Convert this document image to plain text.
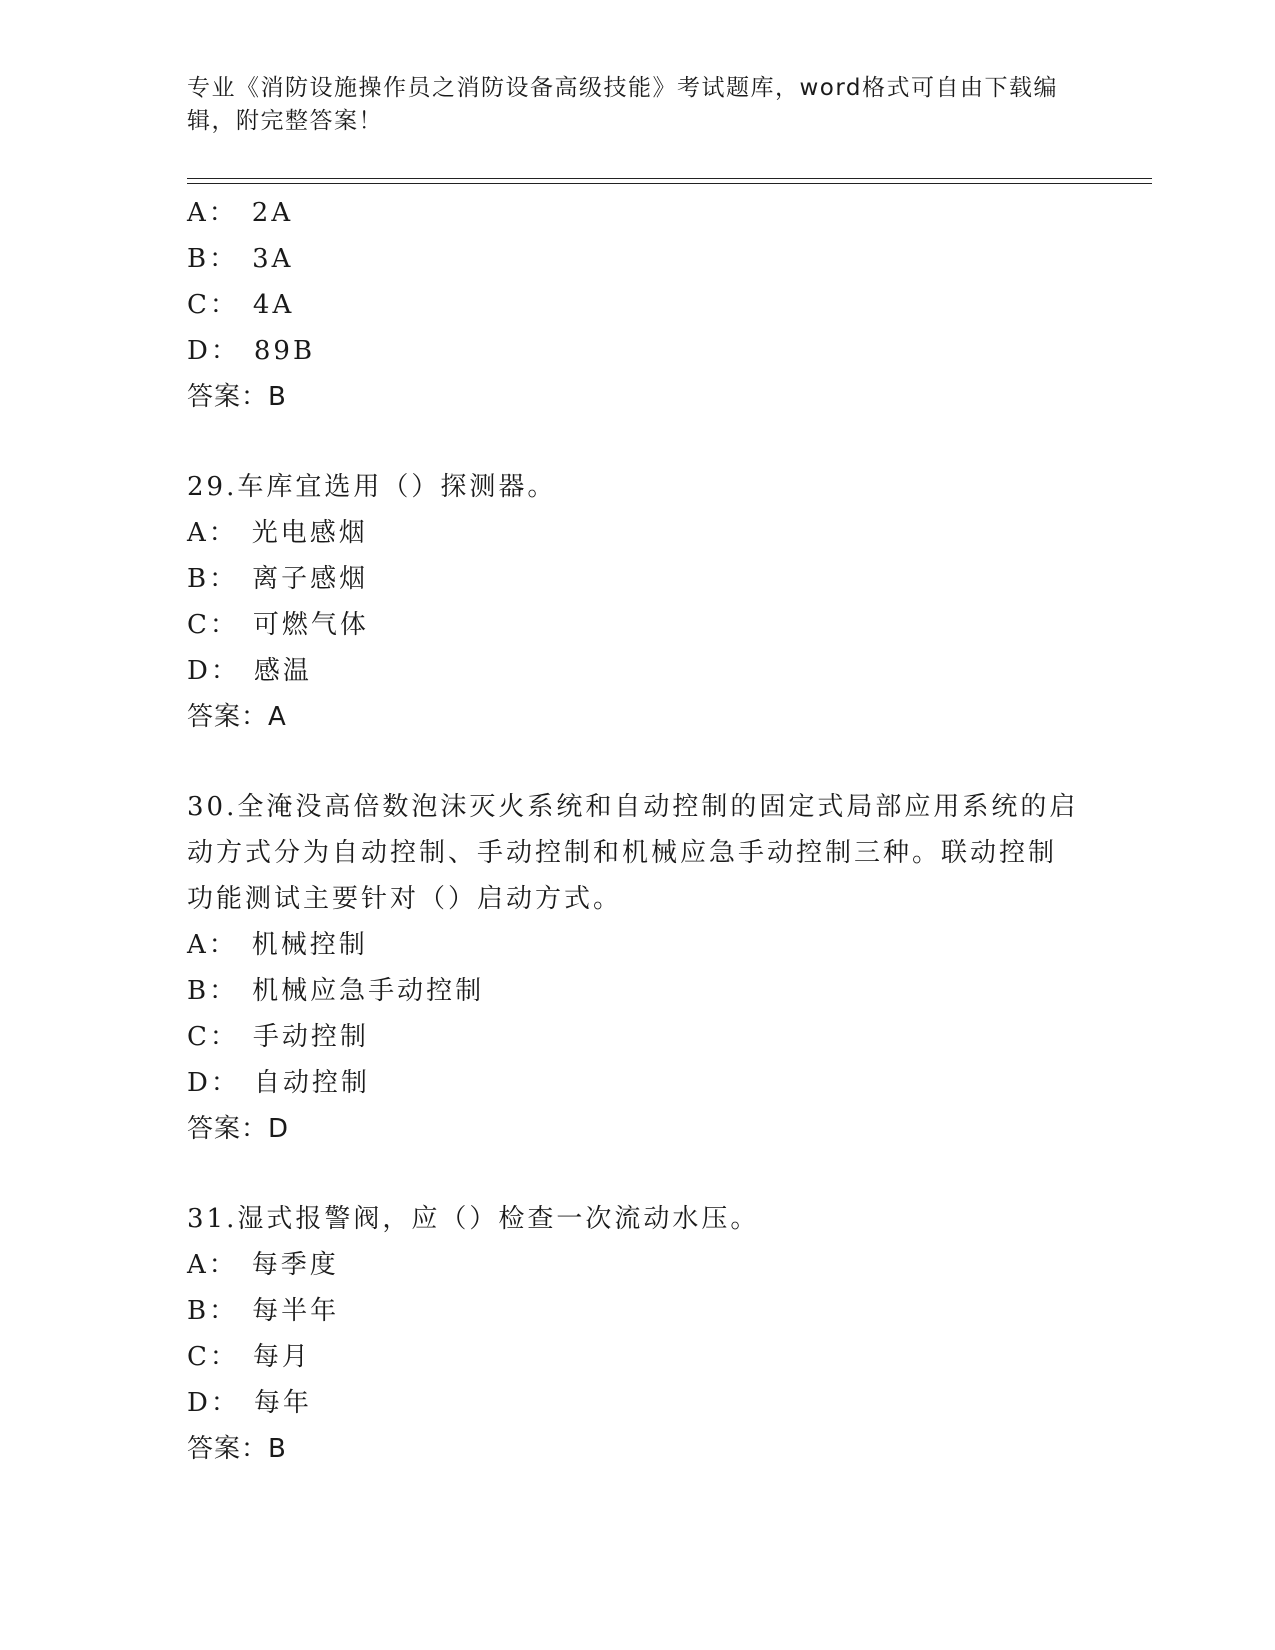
专业《消防设施操作员之消防设备高级技能》考试题库，word格式可自由下载编
辑，附完整答案！
A： 2A
B： 3A
C： 4A
D： 89B
答案：B
29.车库宜选用（）探测器。
A： 光电感烟
B： 离子感烟
C： 可燃气体
D： 感温
答案：A
30.全淹没高倍数泡沫灭火系统和自动控制的固定式局部应用系统的启
动方式分为自动控制、手动控制和机械应急手动控制三种。联动控制
功能测试主要针对（）启动方式。
A： 机械控制
B： 机械应急手动控制
C： 手动控制
D： 自动控制
答案：D
31.湿式报警阀，应（）检查一次流动水压。
A： 每季度
B： 每半年
C： 每月
D： 每年
答案：B
